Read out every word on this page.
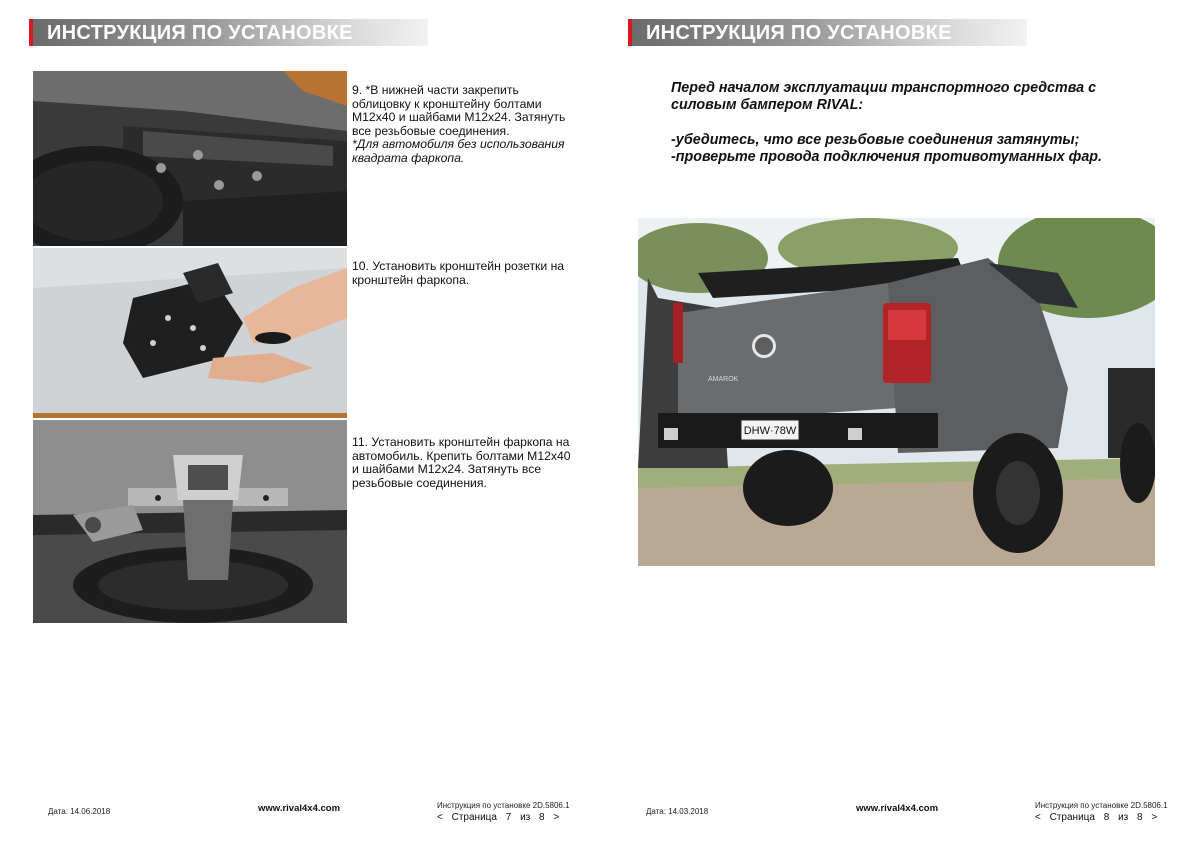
ИНСТРУКЦИЯ ПО УСТАНОВКЕ
9. *В нижней части закрепить облицовку к кронштейну болтами М12х40 и шайбами М12х24. Затянуть все резьбовые соединения.
*Для автомобиля без использования квадрата фаркопа.
10. Установить кронштейн розетки на кронштейн фаркопа.
11. Установить кронштейн фаркопа на автомобиль. Крепить болтами М12х40 и шайбами М12х24. Затянуть все резьбовые соединения.
Дата: 14.06.2018	www.rival4x4.com	Инструкция по установке 2D.5806.1
< Страница 7 из 8 >
ИНСТРУКЦИЯ ПО УСТАНОВКЕ

Перед началом эксплуатации транспортного средства с силовым бампером RIVAL:

-убедитесь, что все резьбовые соединения затянуты;

-проверьте провода подключения противотуманных фар.

DHW·78W
AMAROK
Дата: 14.03.2018	www.rival4x4.com	Инструкция по установке 2D.5806.1
< Страница 8 из 8 >
